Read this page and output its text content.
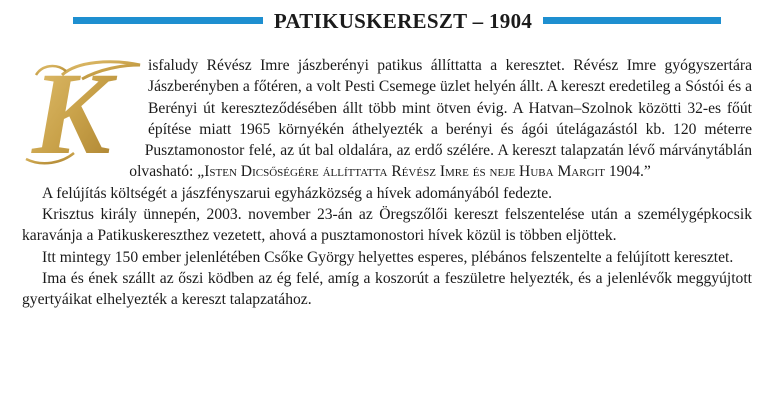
PATIKUSKERESZT – 1904
K	isfaludy Révész Imre jászberényi patikus állíttatta a keresztet. Révész Imre gyógyszertára Jászberényben a főtéren, a volt Pesti Csemege üzlet helyén állt. A kereszt eredetileg a Sóstói és a Berényi út kereszteződésében állt több mint ötven évig. A Hatvan–Szolnok közötti 32-es főút építése miatt 1965 környékén áthelyezték a berényi és ágói útelágazástól kb. 120 méterre Pusztamonostor felé, az út bal oldalára, az erdő szélére. A kereszt talapzatán lévő márványtáblán olvasható: „Isten Dicsőségére állíttatta Révész Imre és neje Huba Margit 1904.”

A felújítás költségét a jászfényszarui egyházközség a hívek adományából fedezte.

Krisztus király ünnepén, 2003. november 23-án az Öregszőlői kereszt felszentelése után a személygépkocsik karavánja a Patikuskereszthez vezetett, ahová a pusztamonostori hívek közül is többen eljöttek.

Itt mintegy 150 ember jelenlétében Csőke György helyettes esperes, plébános felszentelte a felújított keresztet.

Ima és ének szállt az őszi ködben az ég felé, amíg a koszorút a feszületre helyezték, és a jelenlévők meggyújtott gyertyáikat elhelyezték a kereszt talapzatához.
